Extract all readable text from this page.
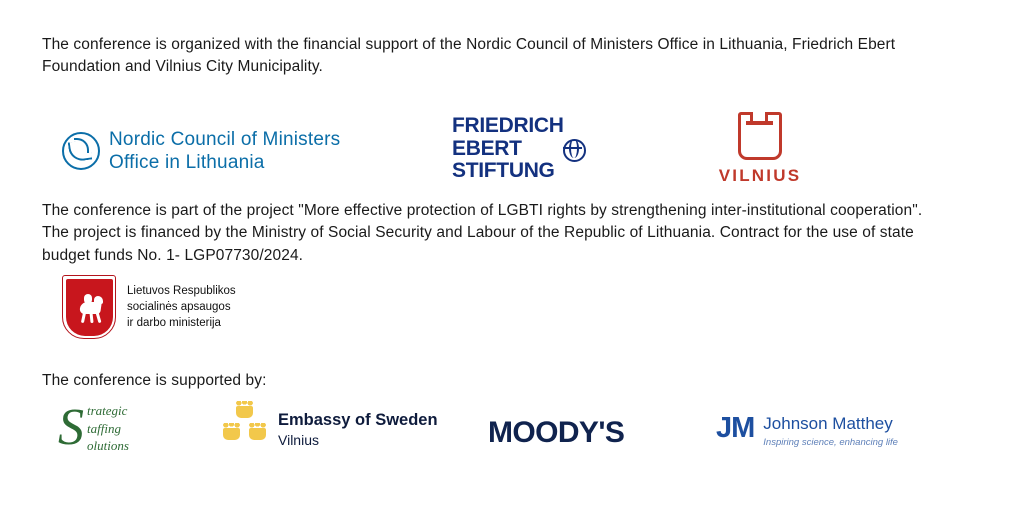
The conference is organized with the financial support of the Nordic Council of Ministers Office in Lithuania, Friedrich Ebert Foundation and Vilnius City Municipality.
Nordic Council of Ministers
Office in Lithuania
FRIEDRICH
EBERT
STIFTUNG	VILNIUS
The conference is part of the project "More effective protection of LGBTI rights by strengthening inter-institutional cooperation". The project is financed by the Ministry of Social Security and Labour of the Republic of Lithuania. Contract for the use of state budget funds No. 1- LGP07730/2024.
Lietuvos Respublikos
socialinės apsaugos
ir darbo ministerija
The conference is supported by:
S trategic
taffing
olutions
Embassy of Sweden
Vilnius	MOODY'S	JM Johnson Matthey
Inspiring science, enhancing life
